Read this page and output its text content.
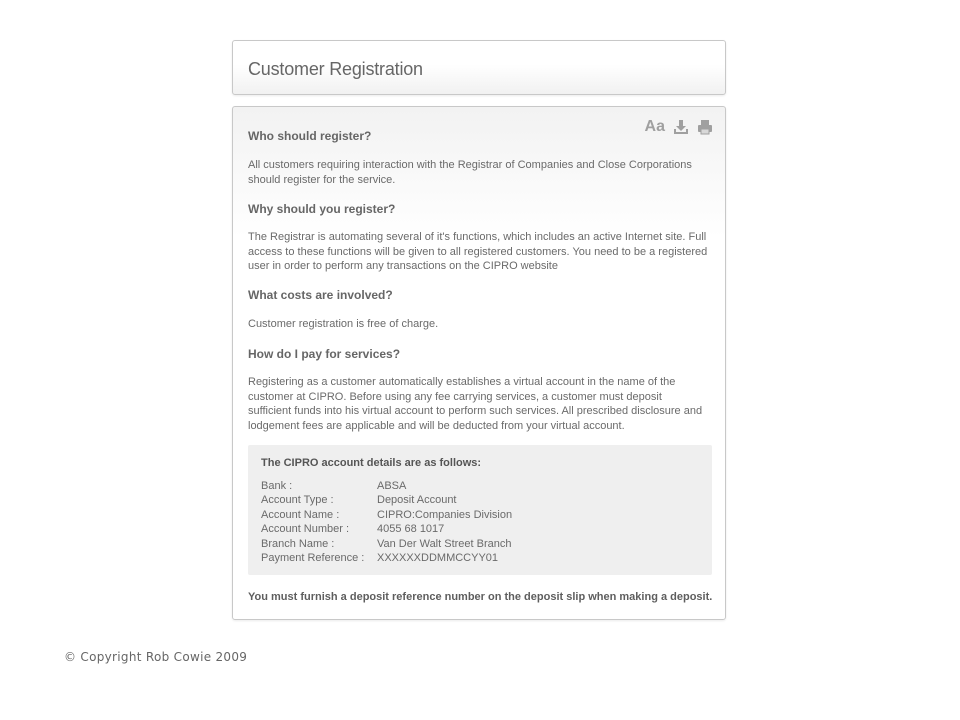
Customer Registration
Aa
Who should register?

All customers requiring interaction with the Registrar of Companies and Close Corporations should register for the service.

Why should you register?

The Registrar is automating several of it's functions, which includes an active Internet site. Full access to these functions will be given to all registered customers. You need to be a registered user in order to perform any transactions on the CIPRO website

What costs are involved?

Customer registration is free of charge.

How do I pay for services?

Registering as a customer automatically establishes a virtual account in the name of the customer at CIPRO. Before using any fee carrying services, a customer must deposit sufficient funds into his virtual account to perform such services. All prescribed disclosure and lodgement fees are applicable and will be deducted from your virtual account.

The CIPRO account details are as follows:
Bank :	ABSA
Account Type :	Deposit Account
Account Name :	CIPRO:Companies Division
Account Number :	4055 68 1017
Branch Name :	Van Der Walt Street Branch
Payment Reference :	XXXXXXDDMMCCYY01
You must furnish a deposit reference number on the deposit slip when making a deposit.
© Copyright Rob Cowie 2009
